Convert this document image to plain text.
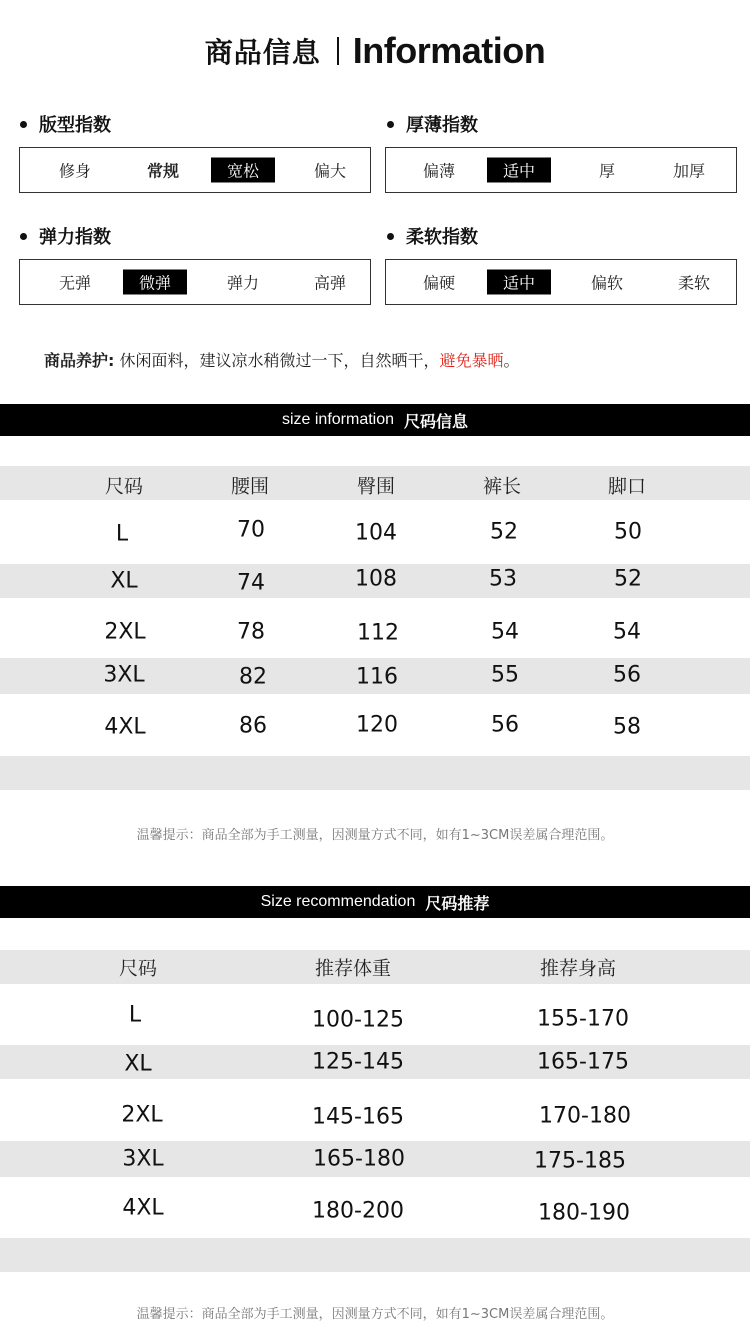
商品信息 Information
版型指数
修身	常规	宽松	偏大
厚薄指数
偏薄	适中	厚	加厚
弹力指数
无弹	微弹	弹力	高弹
柔软指数
偏硬	适中	偏软	柔软
商品养护: 休闲面料，建议凉水稍微过一下，自然晒干，避免暴晒。
size information 尺码信息
尺码	腰围	臀围	裤长	脚口
L	70	104	52	50
XL	74	108	53	52
2XL	78	112	54	54
3XL	82	116	55	56
4XL	86	120	56	58
温馨提示：商品全部为手工测量，因测量方式不同，如有1~3CM误差属合理范围。
Size recommendation 尺码推荐
尺码	推荐体重	推荐身高
L	100-125	155-170
XL	125-145	165-175
2XL	145-165	170-180
3XL	165-180	175-185
4XL	180-200	180-190
温馨提示：商品全部为手工测量，因测量方式不同，如有1~3CM误差属合理范围。
